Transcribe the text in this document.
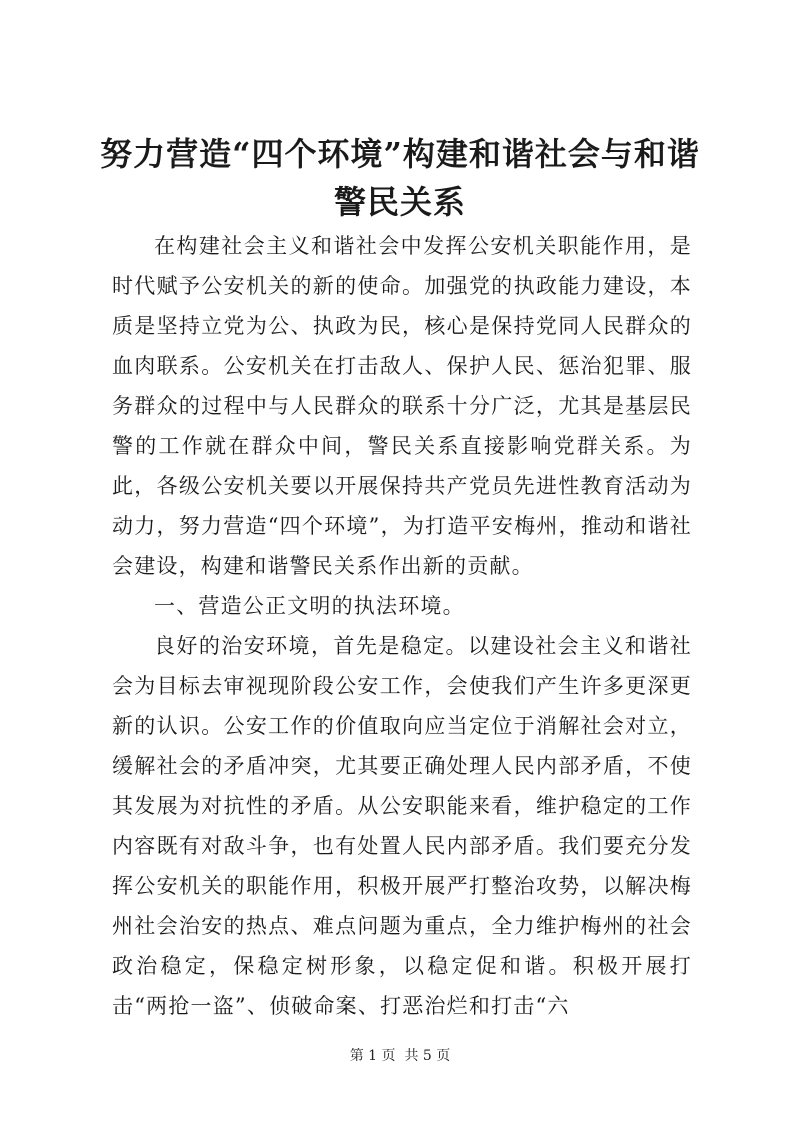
努力营造“四个环境”构建和谐社会与和谐警民关系

在构建社会主义和谐社会中发挥公安机关职能作用，是时代赋予公安机关的新的使命。加强党的执政能力建设，本质是坚持立党为公、执政为民，核心是保持党同人民群众的血肉联系。公安机关在打击敌人、保护人民、惩治犯罪、服务群众的过程中与人民群众的联系十分广泛，尤其是基层民警的工作就在群众中间，警民关系直接影响党群关系。为此，各级公安机关要以开展保持共产党员先进性教育活动为动力，努力营造“四个环境”，为打造平安梅州，推动和谐社会建设，构建和谐警民关系作出新的贡献。

一、营造公正文明的执法环境。

良好的治安环境，首先是稳定。以建设社会主义和谐社会为目标去审视现阶段公安工作，会使我们产生许多更深更新的认识。公安工作的价值取向应当定位于消解社会对立，缓解社会的矛盾冲突，尤其要正确处理人民内部矛盾，不使其发展为对抗性的矛盾。从公安职能来看，维护稳定的工作内容既有对敌斗争，也有处置人民内部矛盾。我们要充分发挥公安机关的职能作用，积极开展严打整治攻势，以解决梅州社会治安的热点、难点问题为重点，全力维护梅州的社会政治稳定，保稳定树形象，以稳定促和谐。积极开展打击“两抢一盗”、侦破命案、打恶治烂和打击“六

第 1 页  共 5 页
